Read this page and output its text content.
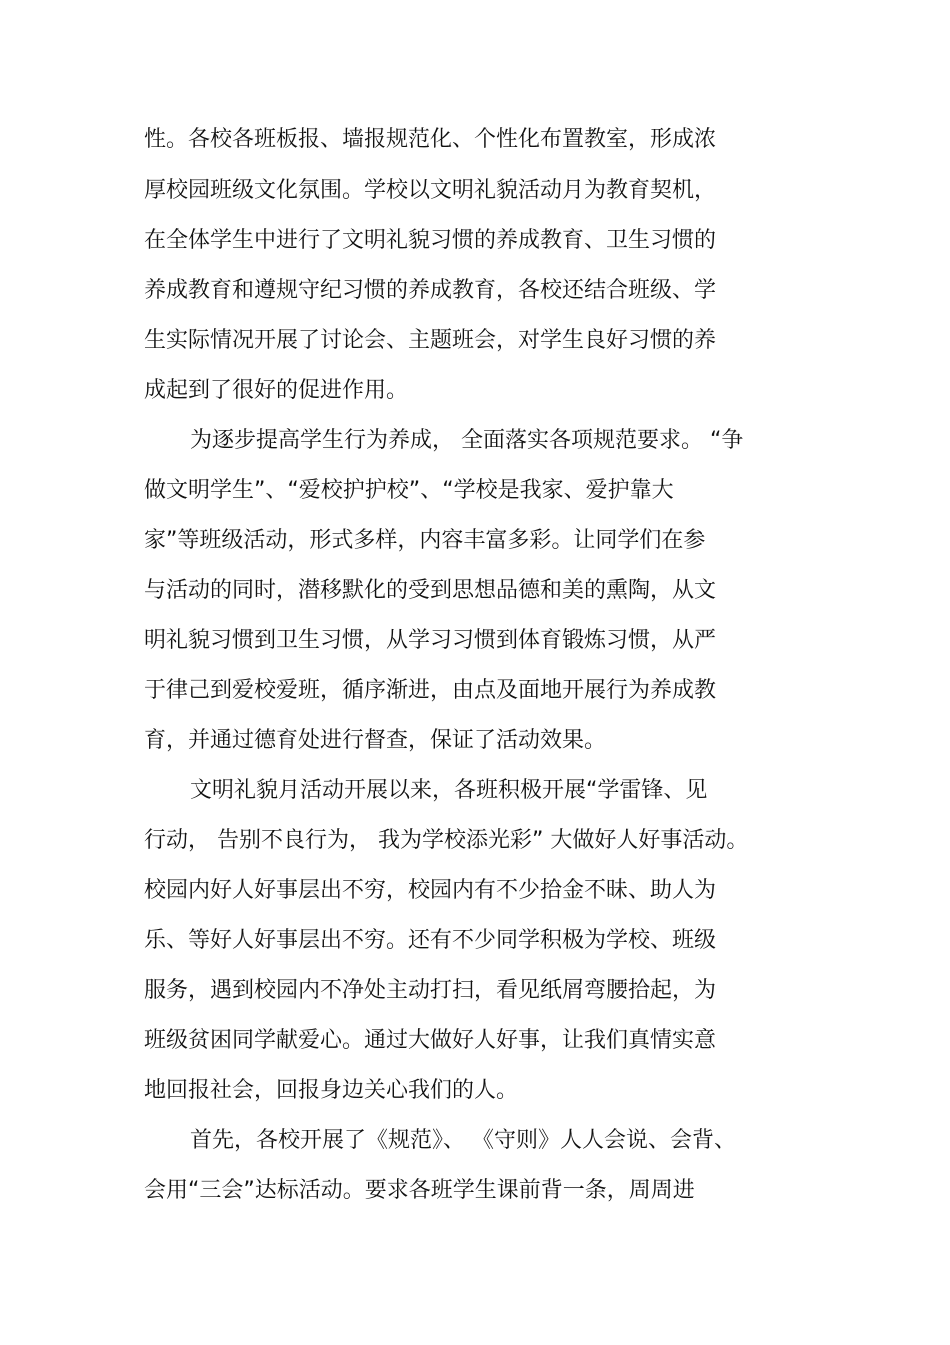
性。各校各班板报、墙报规范化、个性化布置教室，形成浓
厚校园班级文化氛围。学校以文明礼貌活动月为教育契机，
在全体学生中进行了文明礼貌习惯的养成教育、卫生习惯的
养成教育和遵规守纪习惯的养成教育，各校还结合班级、学
生实际情况开展了讨论会、主题班会，对学生良好习惯的养
成起到了很好的促进作用。
为逐步提高学生行为养成， 全面落实各项规范要求。 “争
做文明学生”、“爱校护护校”、“学校是我家、爱护靠大
家”等班级活动，形式多样，内容丰富多彩。让同学们在参
与活动的同时，潜移默化的受到思想品德和美的熏陶，从文
明礼貌习惯到卫生习惯，从学习习惯到体育锻炼习惯，从严
于律己到爱校爱班，循序渐进，由点及面地开展行为养成教
育，并通过德育处进行督查，保证了活动效果。
文明礼貌月活动开展以来，各班积极开展“学雷锋、见
行动， 告别不良行为， 我为学校添光彩” 大做好人好事活动。
校园内好人好事层出不穷，校园内有不少拾金不昧、助人为
乐、等好人好事层出不穷。还有不少同学积极为学校、班级
服务，遇到校园内不净处主动打扫，看见纸屑弯腰拾起，为
班级贫困同学献爱心。通过大做好人好事，让我们真情实意
地回报社会，回报身边关心我们的人。
首先，各校开展了《规范》、 《守则》人人会说、会背、
会用“三会”达标活动。要求各班学生课前背一条，周周进
